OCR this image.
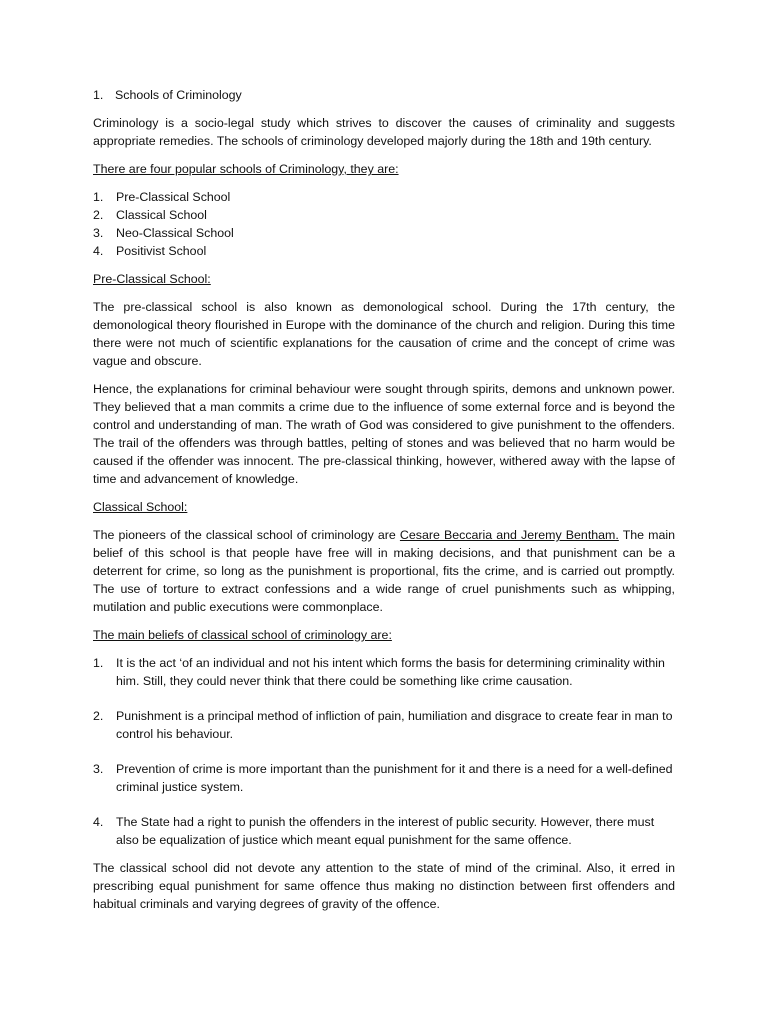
1. Schools of Criminology

Criminology is a socio-legal study which strives to discover the causes of criminality and suggests appropriate remedies. The schools of criminology developed majorly during the 18th and 19th century.

There are four popular schools of Criminology, they are:

1. Pre-Classical School
2. Classical School
3. Neo-Classical School
4. Positivist School

Pre-Classical School:

The pre-classical school is also known as demonological school. During the 17th century, the demonological theory flourished in Europe with the dominance of the church and religion. During this time there were not much of scientific explanations for the causation of crime and the concept of crime was vague and obscure.

Hence, the explanations for criminal behaviour were sought through spirits, demons and unknown power. They believed that a man commits a crime due to the influence of some external force and is beyond the control and understanding of man. The wrath of God was considered to give punishment to the offenders. The trail of the offenders was through battles, pelting of stones and was believed that no harm would be caused if the offender was innocent. The pre-classical thinking, however, withered away with the lapse of time and advancement of knowledge.

Classical School:

The pioneers of the classical school of criminology are Cesare Beccaria and Jeremy Bentham. The main belief of this school is that people have free will in making decisions, and that punishment can be a deterrent for crime, so long as the punishment is proportional, fits the crime, and is carried out promptly. The use of torture to extract confessions and a wide range of cruel punishments such as whipping, mutilation and public executions were commonplace.

The main beliefs of classical school of criminology are:

1. It is the act ‘of an individual and not his intent which forms the basis for determining criminality within him. Still, they could never think that there could be something like crime causation.
2. Punishment is a principal method of infliction of pain, humiliation and disgrace to create fear in man to control his behaviour.
3. Prevention of crime is more important than the punishment for it and there is a need for a well-defined criminal justice system.
4. The State had a right to punish the offenders in the interest of public security. However, there must also be equalization of justice which meant equal punishment for the same offence.

The classical school did not devote any attention to the state of mind of the criminal. Also, it erred in prescribing equal punishment for same offence thus making no distinction between first offenders and habitual criminals and varying degrees of gravity of the offence.
